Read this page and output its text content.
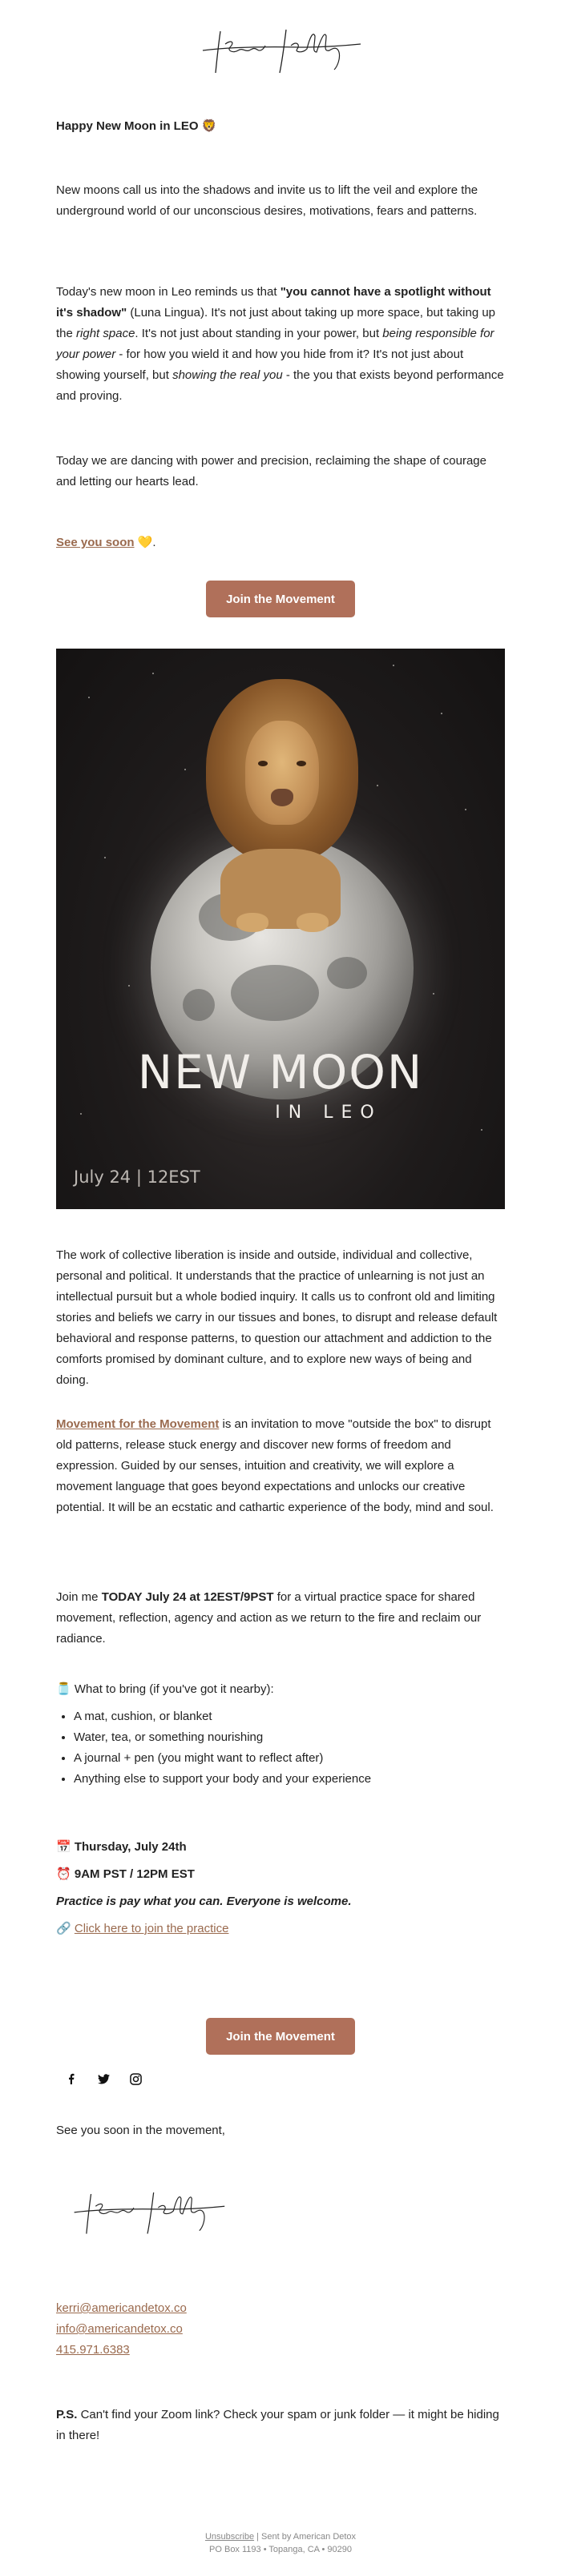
Happy New Moon in LEO 🦁

New moons call us into the shadows and invite us to lift the veil and explore the underground world of our unconscious desires, motivations, fears and patterns.

Today's new moon in Leo reminds us that "you cannot have a spotlight without it's shadow" (Luna Lingua). It's not just about taking up more space, but taking up the right space. It's not just about standing in your power, but being responsible for your power - for how you wield it and how you hide from it? It's not just about showing yourself, but showing the real you - the you that exists beyond performance and proving.

Today we are dancing with power and precision, reclaiming the shape of courage and letting our hearts lead.

See you soon 💛.
Join the Movement
NEW MOON
IN LEO
July 24 | 12EST

The work of collective liberation is inside and outside, individual and collective, personal and political. It understands that the practice of unlearning is not just an intellectual pursuit but a whole bodied inquiry. It calls us to confront old and limiting stories and beliefs we carry in our tissues and bones, to disrupt and release default behavioral and response patterns, to question our attachment and addiction to the comforts promised by dominant culture, and to explore new ways of being and doing.

Movement for the Movement is an invitation to move "outside the box" to disrupt old patterns, release stuck energy and discover new forms of freedom and expression. Guided by our senses, intuition and creativity, we will explore a movement language that goes beyond expectations and unlocks our creative potential. It will be an ecstatic and cathartic experience of the body, mind and soul.

Join me TODAY July 24 at 12EST/9PST for a virtual practice space for shared movement, reflection, agency and action as we return to the fire and reclaim our radiance.

🫙 What to bring (if you've got it nearby):
• A mat, cushion, or blanket
• Water, tea, or something nourishing
• A journal + pen (you might want to reflect after)
• Anything else to support your body and your experience
📅 Thursday, July 24th
⏰ 9AM PST / 12PM EST
Practice is pay what you can. Everyone is welcome.
🔗 Click here to join the practice
Join the Movement

See you soon in the movement,

kerri@americandetox.co
info@americandetox.co
415.971.6383

P.S. Can't find your Zoom link? Check your spam or junk folder — it might be hiding in there!

Unsubscribe | Sent by American Detox
PO Box 1193 • Topanga, CA • 90290
